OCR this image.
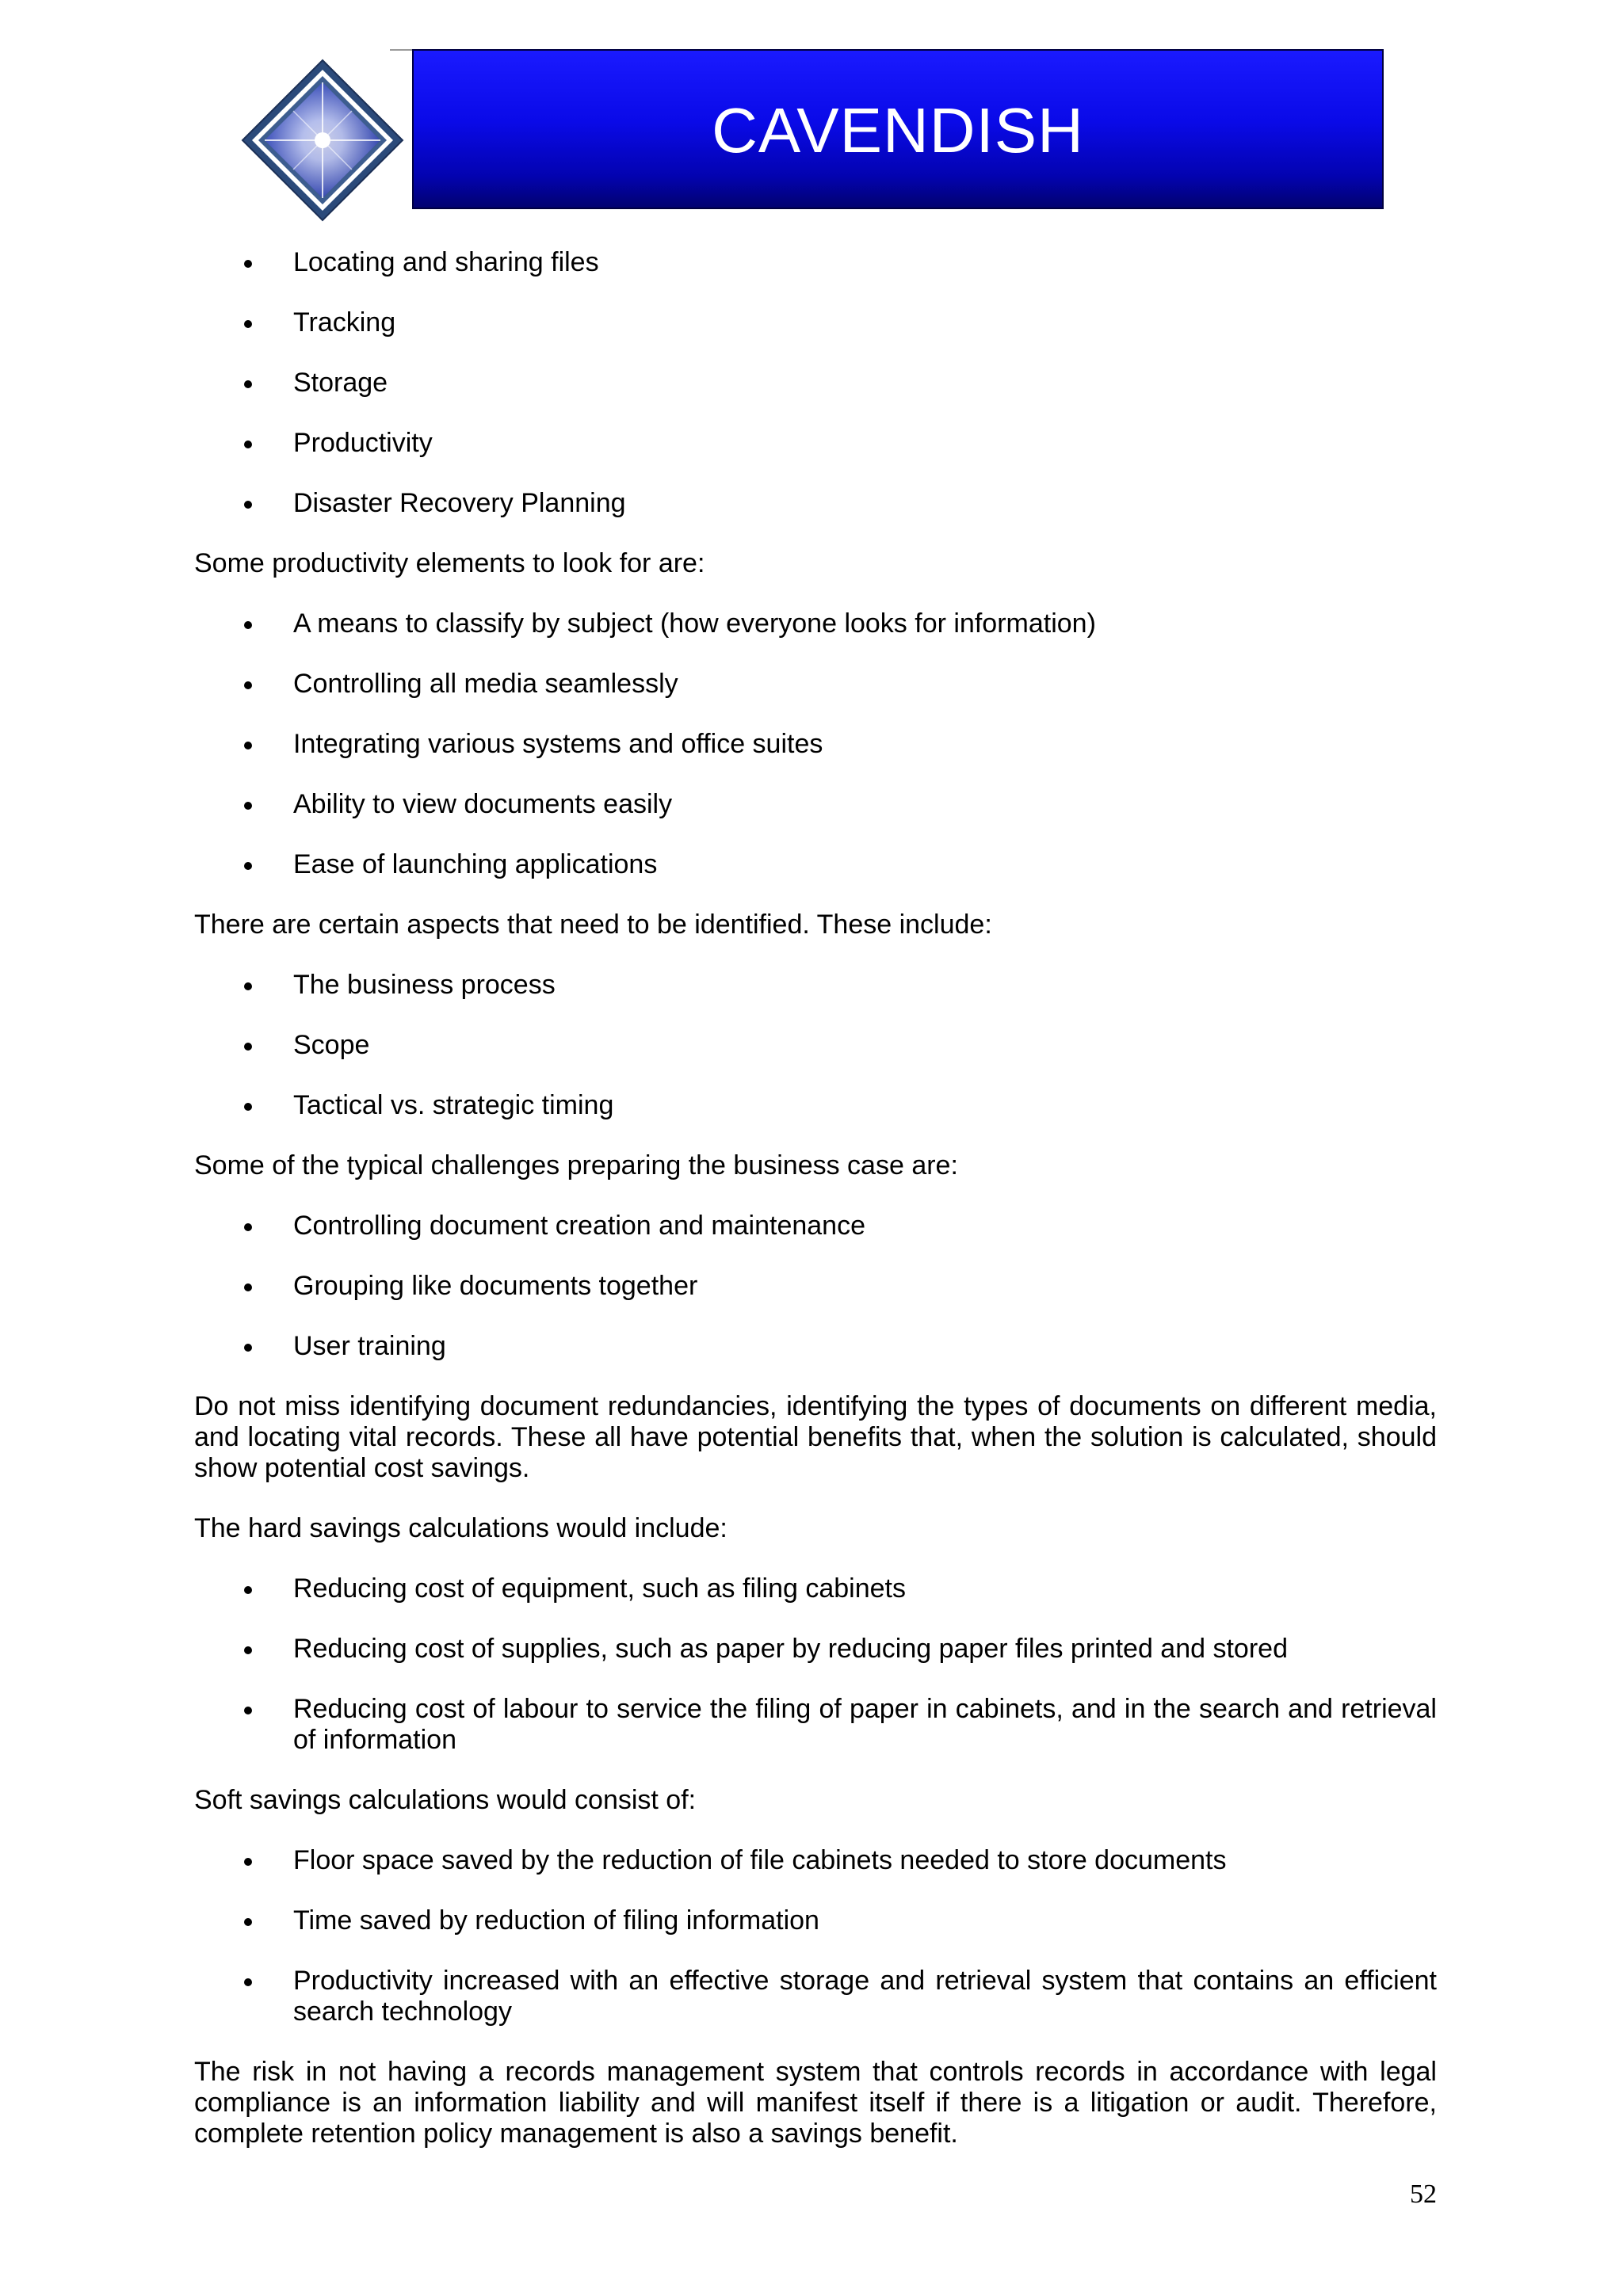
CAVENDISH
Locating and sharing files
Tracking
Storage
Productivity
Disaster Recovery Planning

Some productivity elements to look for are:

A means to classify by subject (how everyone looks for information)
Controlling all media seamlessly
Integrating various systems and office suites
Ability to view documents easily
Ease of launching applications

There are certain aspects that need to be identified. These include:

The business process
Scope
Tactical vs. strategic timing

Some of the typical challenges preparing the business case are:

Controlling document creation and maintenance
Grouping like documents together
User training

Do not miss identifying document redundancies, identifying the types of documents on different media, and locating vital records. These all have potential benefits that, when the solution is calculated, should show potential cost savings.

The hard savings calculations would include:

Reducing cost of equipment, such as filing cabinets
Reducing cost of supplies, such as paper by reducing paper files printed and stored
Reducing cost of labour to service the filing of paper in cabinets, and in the search and retrieval of information

Soft savings calculations would consist of:

Floor space saved by the reduction of file cabinets needed to store documents
Time saved by reduction of filing information
Productivity increased with an effective storage and retrieval system that contains an efficient search technology

The risk in not having a records management system that controls records in accordance with legal compliance is an information liability and will manifest itself if there is a litigation or audit. Therefore, complete retention policy management is also a savings benefit.

52
